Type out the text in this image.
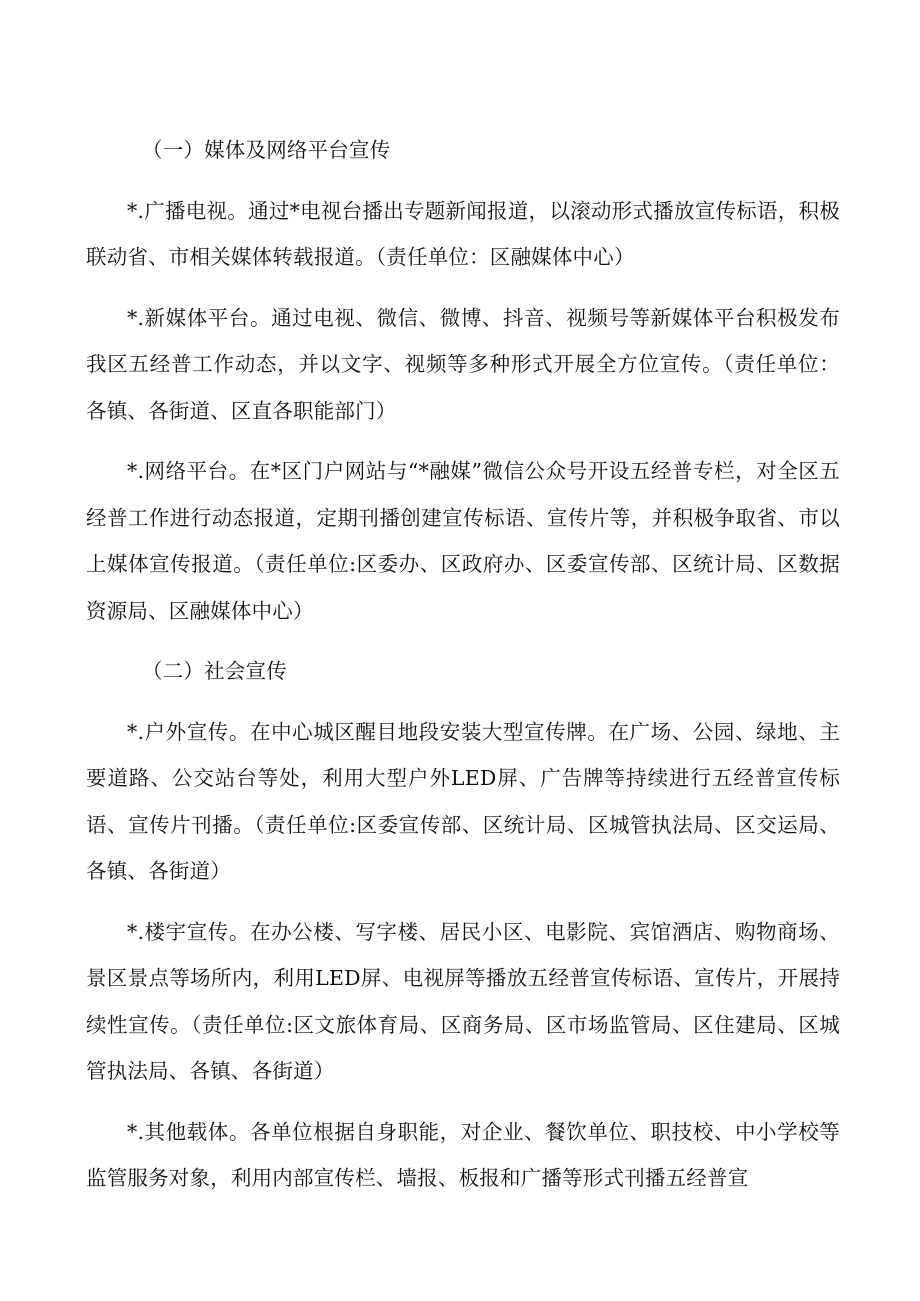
（一）媒体及网络平台宣传

*.广播电视。通过*电视台播出专题新闻报道，以滚动形式播放宣传标语，积极联动省、市相关媒体转载报道。（责任单位：区融媒体中心）

*.新媒体平台。通过电视、微信、微博、抖音、视频号等新媒体平台积极发布我区五经普工作动态，并以文字、视频等多种形式开展全方位宣传。（责任单位：各镇、各街道、区直各职能部门）

*.网络平台。在*区门户网站与“*融媒”微信公众号开设五经普专栏，对全区五经普工作进行动态报道，定期刊播创建宣传标语、宣传片等，并积极争取省、市以上媒体宣传报道。（责任单位:区委办、区政府办、区委宣传部、区统计局、区数据资源局、区融媒体中心）

（二）社会宣传

*.户外宣传。在中心城区醒目地段安装大型宣传牌。在广场、公园、绿地、主要道路、公交站台等处，利用大型户外LED屏、广告牌等持续进行五经普宣传标语、宣传片刊播。（责任单位:区委宣传部、区统计局、区城管执法局、区交运局、各镇、各街道）

*.楼宇宣传。在办公楼、写字楼、居民小区、电影院、宾馆酒店、购物商场、景区景点等场所内，利用LED屏、电视屏等播放五经普宣传标语、宣传片，开展持续性宣传。（责任单位:区文旅体育局、区商务局、区市场监管局、区住建局、区城管执法局、各镇、各街道）

*.其他载体。各单位根据自身职能，对企业、餐饮单位、职技校、中小学校等监管服务对象，利用内部宣传栏、墙报、板报和广播等形式刊播五经普宣
